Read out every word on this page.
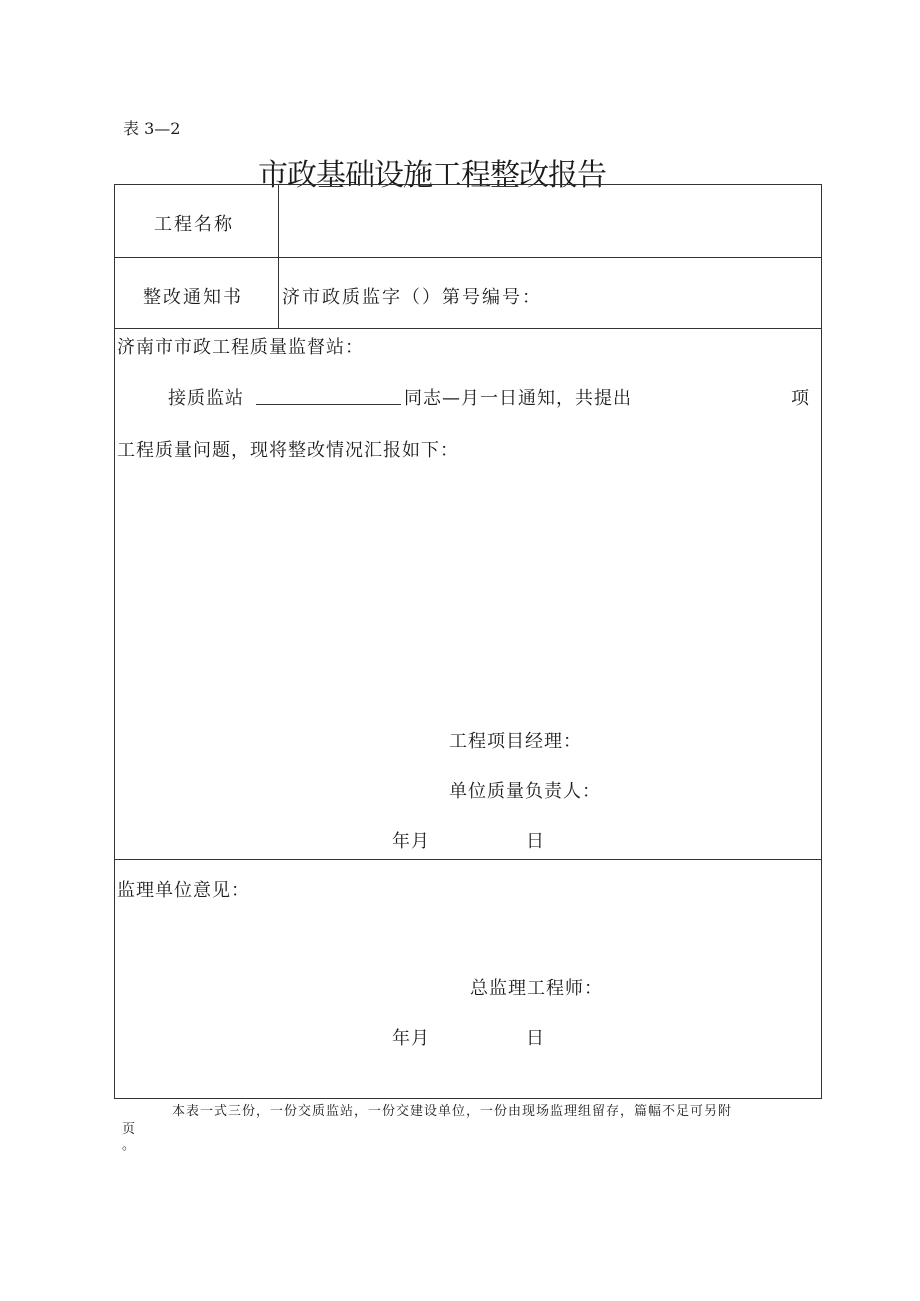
表 3—2
市政基础设施工程整改报告
工程名称
整改通知书 济市政质监字（）第号编号：
济南市市政工程质量监督站：
接质监站	同志—月一日通知，共提出	项
工程质量问题，现将整改情况汇报如下：
工程项目经理：
单位质量负责人：
年月	日
监理单位意见：
总监理工程师：
年月	日
本表一式三份，一份交质监站，一份交建设单位，一份由现场监理组留存，篇幅不足可另附
页
。
